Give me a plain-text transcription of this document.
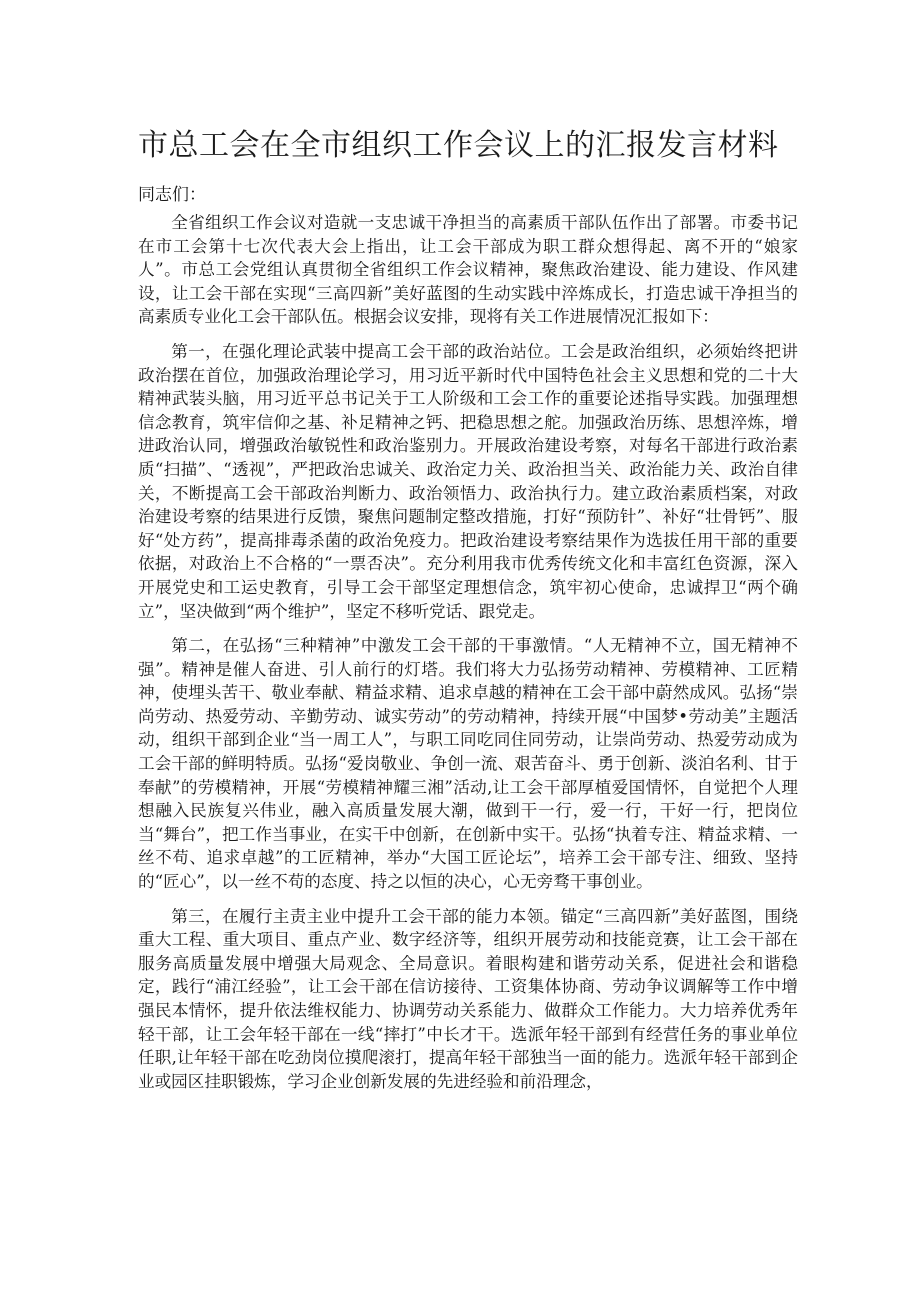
市总工会在全市组织工作会议上的汇报发言材料

同志们：

全省组织工作会议对造就一支忠诚干净担当的高素质干部队伍作出了部署。市委书记在市工会第十七次代表大会上指出，让工会干部成为职工群众想得起、离不开的“娘家人”。市总工会党组认真贯彻全省组织工作会议精神，聚焦政治建设、能力建设、作风建设，让工会干部在实现“三高四新”美好蓝图的生动实践中淬炼成长，打造忠诚干净担当的高素质专业化工会干部队伍。根据会议安排，现将有关工作进展情况汇报如下：

第一，在强化理论武装中提高工会干部的政治站位。工会是政治组织，必须始终把讲政治摆在首位，加强政治理论学习，用习近平新时代中国特色社会主义思想和党的二十大精神武装头脑，用习近平总书记关于工人阶级和工会工作的重要论述指导实践。加强理想信念教育，筑牢信仰之基、补足精神之钙、把稳思想之舵。加强政治历练、思想淬炼，增进政治认同，增强政治敏锐性和政治鉴别力。开展政治建设考察，对每名干部进行政治素质“扫描”、“透视”，严把政治忠诚关、政治定力关、政治担当关、政治能力关、政治自律关，不断提高工会干部政治判断力、政治领悟力、政治执行力。建立政治素质档案，对政治建设考察的结果进行反馈，聚焦问题制定整改措施，打好“预防针”、补好“壮骨钙”、服好“处方药”，提高排毒杀菌的政治免疫力。把政治建设考察结果作为选拔任用干部的重要依据，对政治上不合格的“一票否决”。充分利用我市优秀传统文化和丰富红色资源，深入开展党史和工运史教育，引导工会干部坚定理想信念，筑牢初心使命，忠诚捍卫“两个确立”，坚决做到“两个维护”，坚定不移听党话、跟党走。

第二，在弘扬“三种精神”中激发工会干部的干事激情。“人无精神不立，国无精神不强”。精神是催人奋进、引人前行的灯塔。我们将大力弘扬劳动精神、劳模精神、工匠精神，使埋头苦干、敬业奉献、精益求精、追求卓越的精神在工会干部中蔚然成风。弘扬“崇尚劳动、热爱劳动、辛勤劳动、诚实劳动”的劳动精神，持续开展“中国梦•劳动美”主题活动，组织干部到企业“当一周工人”，与职工同吃同住同劳动，让崇尚劳动、热爱劳动成为工会干部的鲜明特质。弘扬“爱岗敬业、争创一流、艰苦奋斗、勇于创新、淡泊名利、甘于奉献”的劳模精神，开展“劳模精神耀三湘”活动,让工会干部厚植爱国情怀，自觉把个人理想融入民族复兴伟业，融入高质量发展大潮，做到干一行，爱一行，干好一行，把岗位当“舞台”，把工作当事业，在实干中创新，在创新中实干。弘扬“执着专注、精益求精、一丝不苟、追求卓越”的工匠精神，举办“大国工匠论坛”，培养工会干部专注、细致、坚持的“匠心”，以一丝不苟的态度、持之以恒的决心，心无旁骛干事创业。

第三，在履行主责主业中提升工会干部的能力本领。锚定“三高四新”美好蓝图，围绕重大工程、重大项目、重点产业、数字经济等，组织开展劳动和技能竞赛，让工会干部在服务高质量发展中增强大局观念、全局意识。着眼构建和谐劳动关系，促进社会和谐稳定，践行“浦江经验”，让工会干部在信访接待、工资集体协商、劳动争议调解等工作中增强民本情怀，提升依法维权能力、协调劳动关系能力、做群众工作能力。大力培养优秀年轻干部，让工会年轻干部在一线“摔打”中长才干。选派年轻干部到有经营任务的事业单位任职,让年轻干部在吃劲岗位摸爬滚打，提高年轻干部独当一面的能力。选派年轻干部到企业或园区挂职锻炼，学习企业创新发展的先进经验和前沿理念，
